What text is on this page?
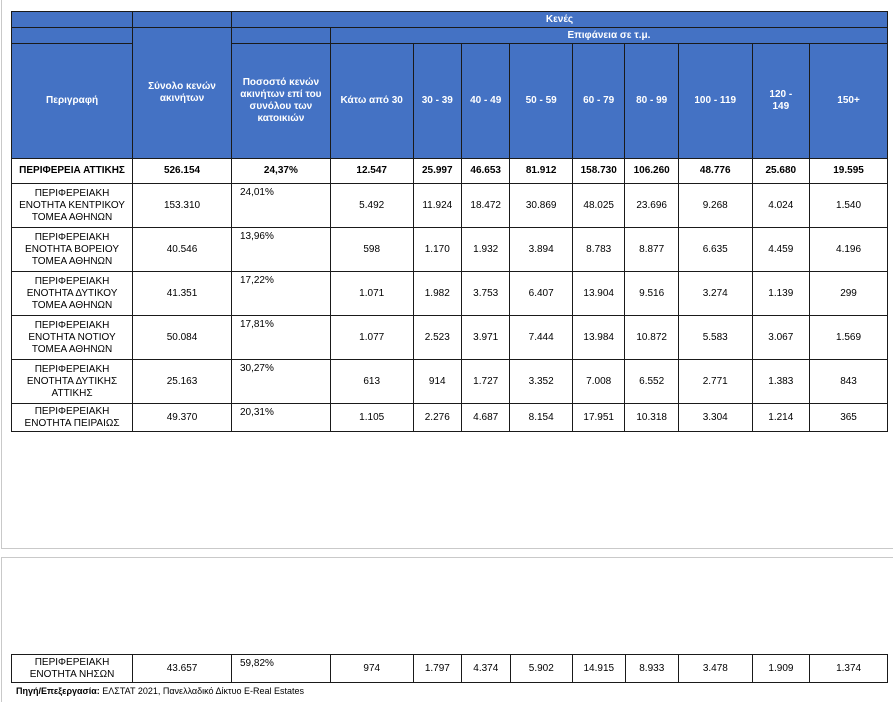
		Κενές									
	Σύνολο κενών ακινήτων		Επιφάνεια σε τ.μ.								
Περιγραφή		Ποσοστό κενών ακινήτων επί του συνόλου των κατοικιών	Κάτω από 30	30 - 39	40 - 49	50 - 59	60 - 79	80 - 99	100 - 119	120 - 149	150+
ΠΕΡΙΦΕΡΕΙΑ ΑΤΤΙΚΗΣ	526.154	24,37%	12.547	25.997	46.653	81.912	158.730	106.260	48.776	25.680	19.595
ΠΕΡΙΦΕΡΕΙΑΚΗ ΕΝΟΤΗΤΑ ΚΕΝΤΡΙΚΟΥ ΤΟΜΕΑ ΑΘΗΝΩΝ	153.310	24,01%	5.492	11.924	18.472	30.869	48.025	23.696	9.268	4.024	1.540
ΠΕΡΙΦΕΡΕΙΑΚΗ ΕΝΟΤΗΤΑ ΒΟΡΕΙΟΥ ΤΟΜΕΑ ΑΘΗΝΩΝ	40.546	13,96%	598	1.170	1.932	3.894	8.783	8.877	6.635	4.459	4.196
ΠΕΡΙΦΕΡΕΙΑΚΗ ΕΝΟΤΗΤΑ ΔΥΤΙΚΟΥ ΤΟΜΕΑ ΑΘΗΝΩΝ	41.351	17,22%	1.071	1.982	3.753	6.407	13.904	9.516	3.274	1.139	299
ΠΕΡΙΦΕΡΕΙΑΚΗ ΕΝΟΤΗΤΑ ΝΟΤΙΟΥ ΤΟΜΕΑ ΑΘΗΝΩΝ	50.084	17,81%	1.077	2.523	3.971	7.444	13.984	10.872	5.583	3.067	1.569
ΠΕΡΙΦΕΡΕΙΑΚΗ ΕΝΟΤΗΤΑ ΔΥΤΙΚΗΣ ΑΤΤΙΚΗΣ	25.163	30,27%	613	914	1.727	3.352	7.008	6.552	2.771	1.383	843
ΠΕΡΙΦΕΡΕΙΑΚΗ ΕΝΟΤΗΤΑ ΠΕΙΡΑΙΩΣ	49.370	20,31%	1.105	2.276	4.687	8.154	17.951	10.318	3.304	1.214	365
ΠΕΡΙΦΕΡΕΙΑΚΗ ΕΝΟΤΗΤΑ ΝΗΣΩΝ	43.657	59,82%	974	1.797	4.374	5.902	14.915	8.933	3.478	1.909	1.374
Πηγή/Επεξεργασία: ΕΛΣΤΑΤ 2021, Πανελλαδικό Δίκτυο E-Real Estates
